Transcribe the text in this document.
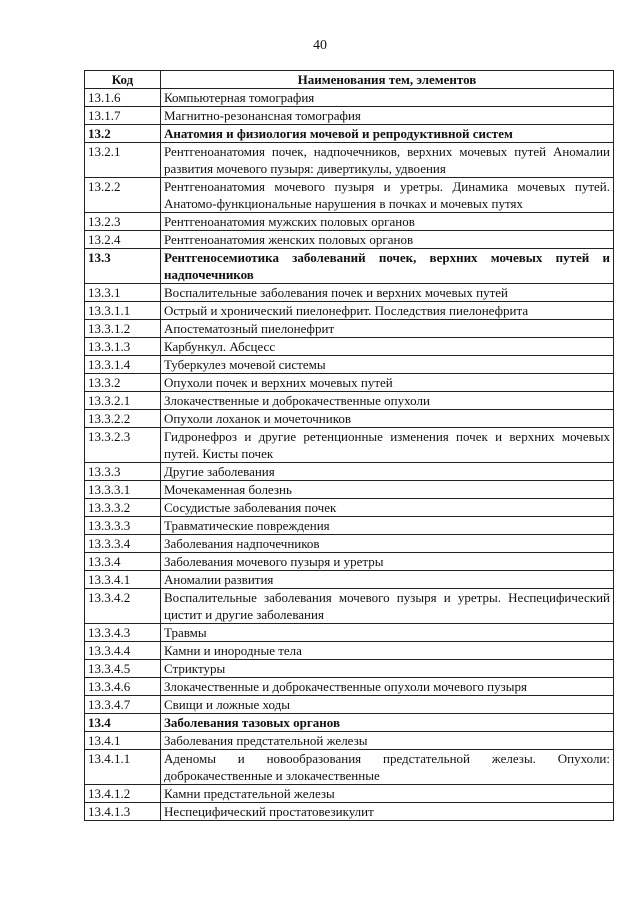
40
Код	Наименования тем, элементов
13.1.6	Компьютерная томография
13.1.7	Магнитно-резонансная томография
13.2	Анатомия и физиология мочевой и репродуктивной систем
13.2.1	Рентгеноанатомия почек, надпочечников, верхних мочевых путей Аномалии развития мочевого пузыря: дивертикулы, удвоения
13.2.2	Рентгеноанатомия мочевого пузыря и уретры. Динамика мочевых путей. Анатомо-функциональные нарушения в почках и мочевых путях
13.2.3	Рентгеноанатомия мужских половых органов
13.2.4	Рентгеноанатомия женских половых органов
13.3	Рентгеносемиотика заболеваний почек, верхних мочевых путей и надпочечников
13.3.1	Воспалительные заболевания почек и верхних мочевых путей
13.3.1.1	Острый и хронический пиелонефрит. Последствия пиелонефрита
13.3.1.2	Апостематозный пиелонефрит
13.3.1.3	Карбункул. Абсцесс
13.3.1.4	Туберкулез мочевой системы
13.3.2	Опухоли почек и верхних мочевых путей
13.3.2.1	Злокачественные и доброкачественные опухоли
13.3.2.2	Опухоли лоханок и мочеточников
13.3.2.3	Гидронефроз и другие ретенционные изменения почек и верхних мочевых путей. Кисты почек
13.3.3	Другие заболевания
13.3.3.1	Мочекаменная болезнь
13.3.3.2	Сосудистые заболевания почек
13.3.3.3	Травматические повреждения
13.3.3.4	Заболевания надпочечников
13.3.4	Заболевания мочевого пузыря и уретры
13.3.4.1	Аномалии развития
13.3.4.2	Воспалительные заболевания мочевого пузыря и уретры. Неспецифический цистит и другие заболевания
13.3.4.3	Травмы
13.3.4.4	Камни и инородные тела
13.3.4.5	Стриктуры
13.3.4.6	Злокачественные и доброкачественные опухоли мочевого пузыря
13.3.4.7	Свищи и ложные ходы
13.4	Заболевания тазовых органов
13.4.1	Заболевания предстательной железы
13.4.1.1	Аденомы и новообразования предстательной железы. Опухоли: доброкачественные и злокачественные
13.4.1.2	Камни предстательной железы
13.4.1.3	Неспецифический простатовезикулит
